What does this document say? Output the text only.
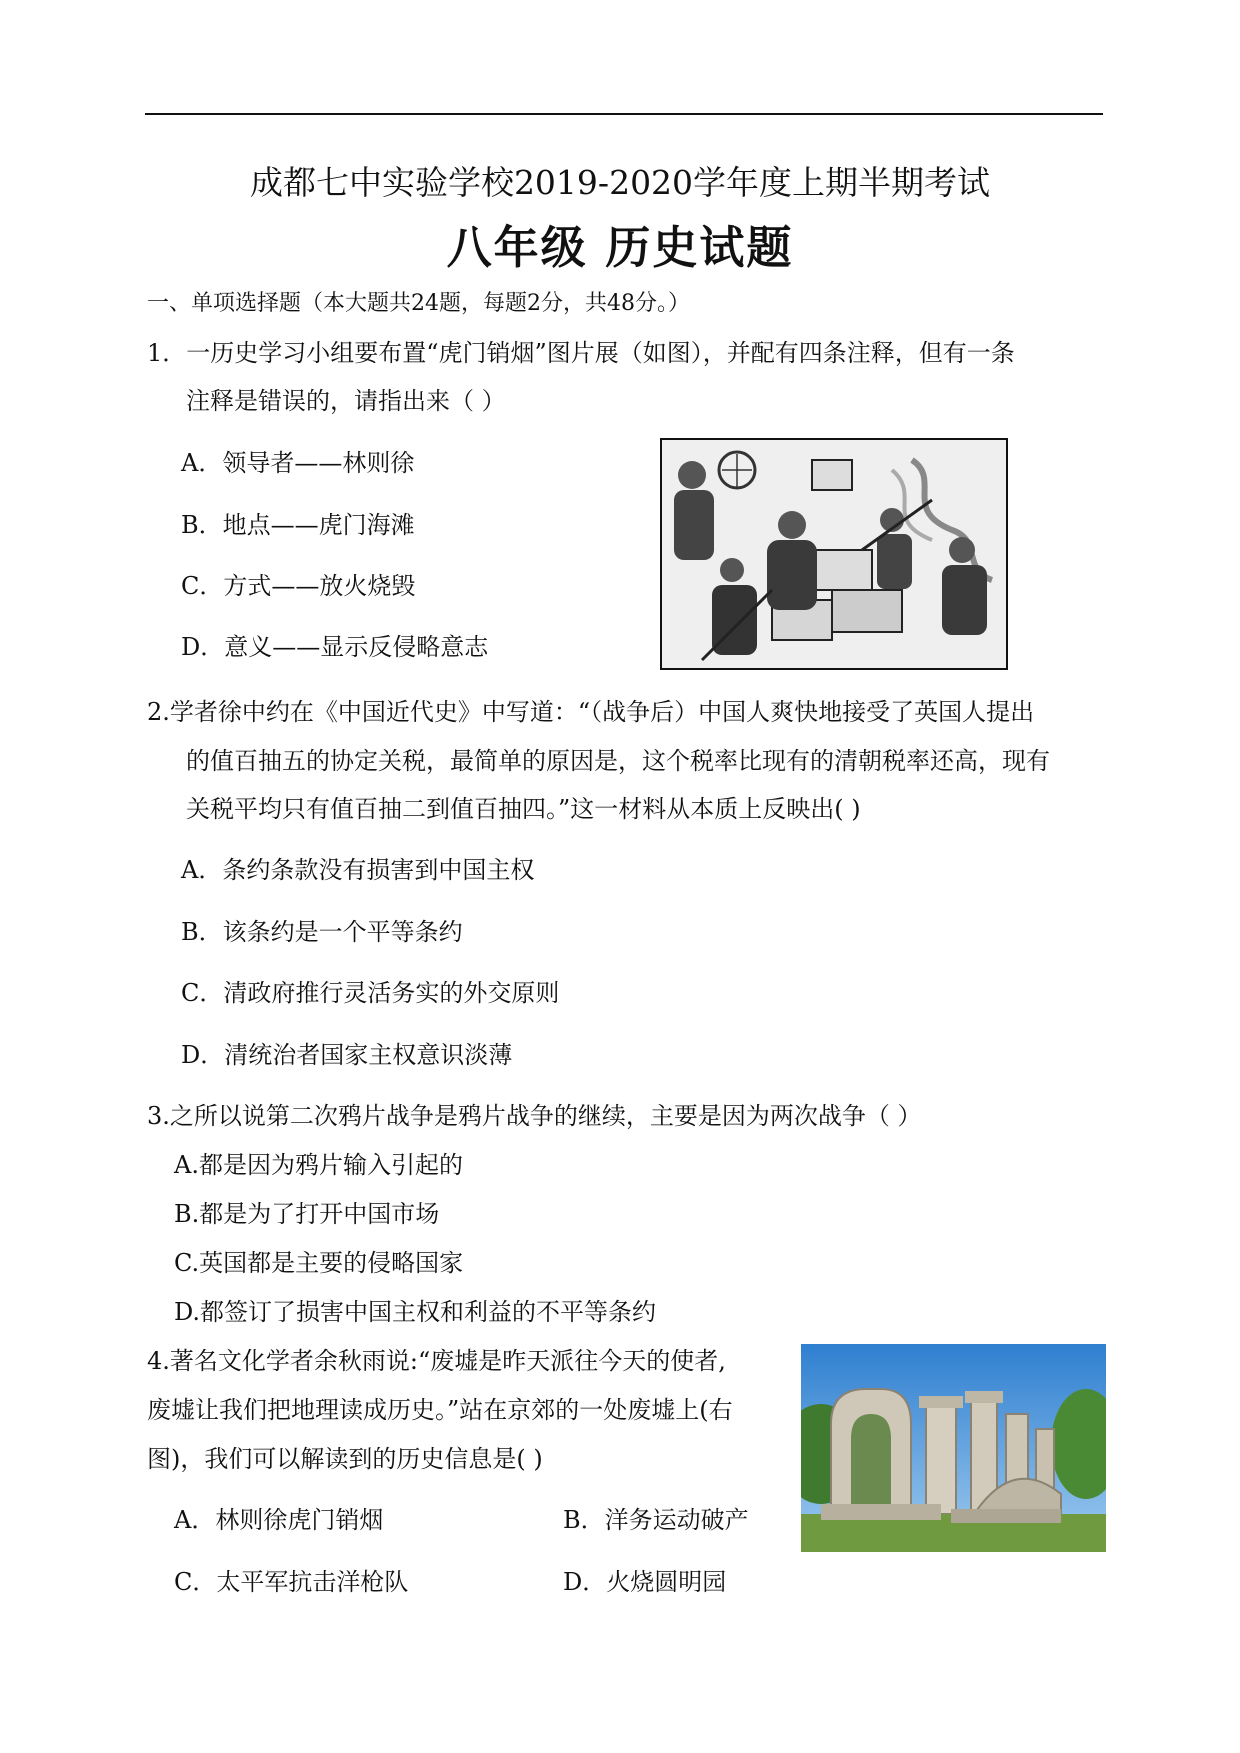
成都七中实验学校2019-2020学年度上期半期考试
八年级 历史试题
一、单项选择题（本大题共24题，每题2分，共48分。）
1．一历史学习小组要布置“虎门销烟”图片展（如图），并配有四条注释，但有一条
注释是错误的，请指出来（ ）
A．领导者——林则徐
B．地点——虎门海滩
C．方式——放火烧毁
D．意义——显示反侵略意志
2.学者徐中约在《中国近代史》中写道：“（战争后）中国人爽快地接受了英国人提出
的值百抽五的协定关税，最简单的原因是，这个税率比现有的清朝税率还高，现有
关税平均只有值百抽二到值百抽四。”这一材料从本质上反映出( )
A．条约条款没有损害到中国主权
B．该条约是一个平等条约
C．清政府推行灵活务实的外交原则
D．清统治者国家主权意识淡薄
3.之所以说第二次鸦片战争是鸦片战争的继续，主要是因为两次战争（ ）
A.都是因为鸦片输入引起的
B.都是为了打开中国市场
C.英国都是主要的侵略国家
D.都签订了损害中国主权和利益的不平等条约
4.著名文化学者余秋雨说:“废墟是昨天派往今天的使者,
废墟让我们把地理读成历史。”站在京郊的一处废墟上(右
图)，我们可以解读到的历史信息是( )
A．林则徐虎门销烟	B．洋务运动破产
C．太平军抗击洋枪队	D．火烧圆明园
